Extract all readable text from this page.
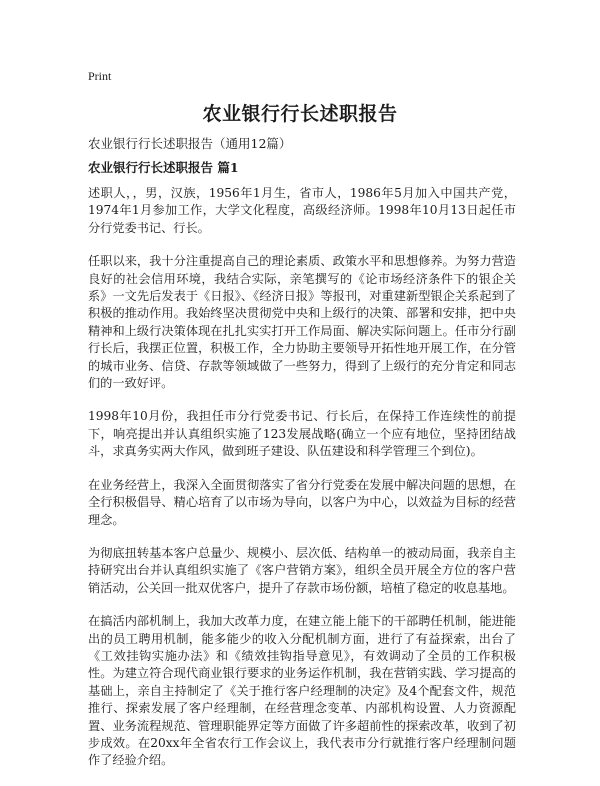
Print
农业银行行长述职报告

农业银行行长述职报告（通用12篇）

农业银行行长述职报告 篇1

述职人，，男，汉族，1956年1月生，省市人，1986年5月加入中国共产党，1974年1月参加工作，大学文化程度，高级经济师。1998年10月13日起任市分行党委书记、行长。

任职以来，我十分注重提高自己的理论素质、政策水平和思想修养。为努力营造良好的社会信用环境，我结合实际，亲笔撰写的《论市场经济条件下的银企关系》一文先后发表于《日报》、《经济日报》等报刊，对重建新型银企关系起到了积极的推动作用。我始终坚决贯彻党中央和上级行的决策、部署和安排，把中央精神和上级行决策体现在扎扎实实打开工作局面、解决实际问题上。任市分行副行长后，我摆正位置，积极工作，全力协助主要领导开拓性地开展工作，在分管的城市业务、信贷、存款等领域做了一些努力，得到了上级行的充分肯定和同志们的一致好评。

1998年10月份，我担任市分行党委书记、行长后，在保持工作连续性的前提下，响亮提出并认真组织实施了123发展战略(确立一个应有地位，坚持团结战斗，求真务实两大作风，做到班子建设、队伍建设和科学管理三个到位)。

在业务经营上，我深入全面贯彻落实了省分行党委在发展中解决问题的思想，在全行积极倡导、精心培育了以市场为导向，以客户为中心，以效益为目标的经营理念。

为彻底扭转基本客户总量少、规模小、层次低、结构单一的被动局面，我亲自主持研究出台并认真组织实施了《客户营销方案》，组织全员开展全方位的客户营销活动，公关回一批双优客户，提升了存款市场份额，培植了稳定的收息基地。

在搞活内部机制上，我加大改革力度，在建立能上能下的干部聘任机制，能进能出的员工聘用机制，能多能少的收入分配机制方面，进行了有益探索，出台了《工效挂钩实施办法》和《绩效挂钩指导意见》，有效调动了全员的工作积极性。为建立符合现代商业银行要求的业务运作机制，我在营销实践、学习提高的基础上，亲自主持制定了《关于推行客户经理制的决定》及4个配套文件，规范推行、探索发展了客户经理制，在经营理念变革、内部机构设置、人力资源配置、业务流程规范、管理职能界定等方面做了许多超前性的探索改革，收到了初步成效。在20xx年全省农行工作会议上，我代表市分行就推行客户经理制问题作了经验介绍。
